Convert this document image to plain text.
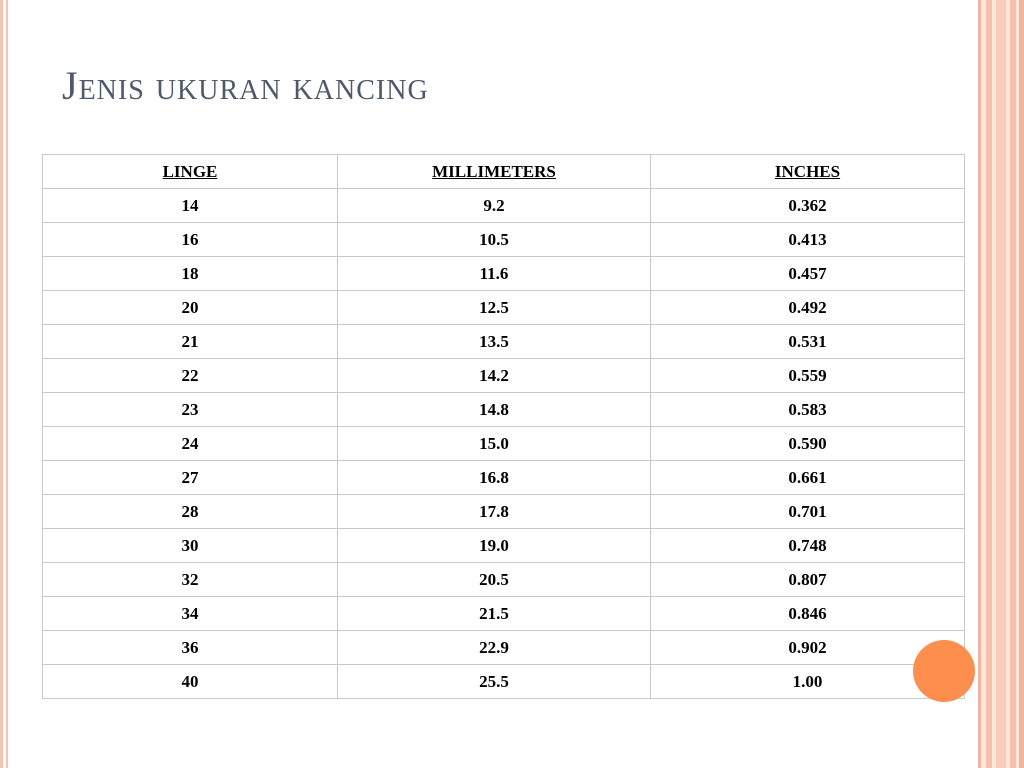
Jenis ukuran kancing
LINGE	MILLIMETERS	INCHES
14	9.2	0.362
16	10.5	0.413
18	11.6	0.457
20	12.5	0.492
21	13.5	0.531
22	14.2	0.559
23	14.8	0.583
24	15.0	0.590
27	16.8	0.661
28	17.8	0.701
30	19.0	0.748
32	20.5	0.807
34	21.5	0.846
36	22.9	0.902
40	25.5	1.00
